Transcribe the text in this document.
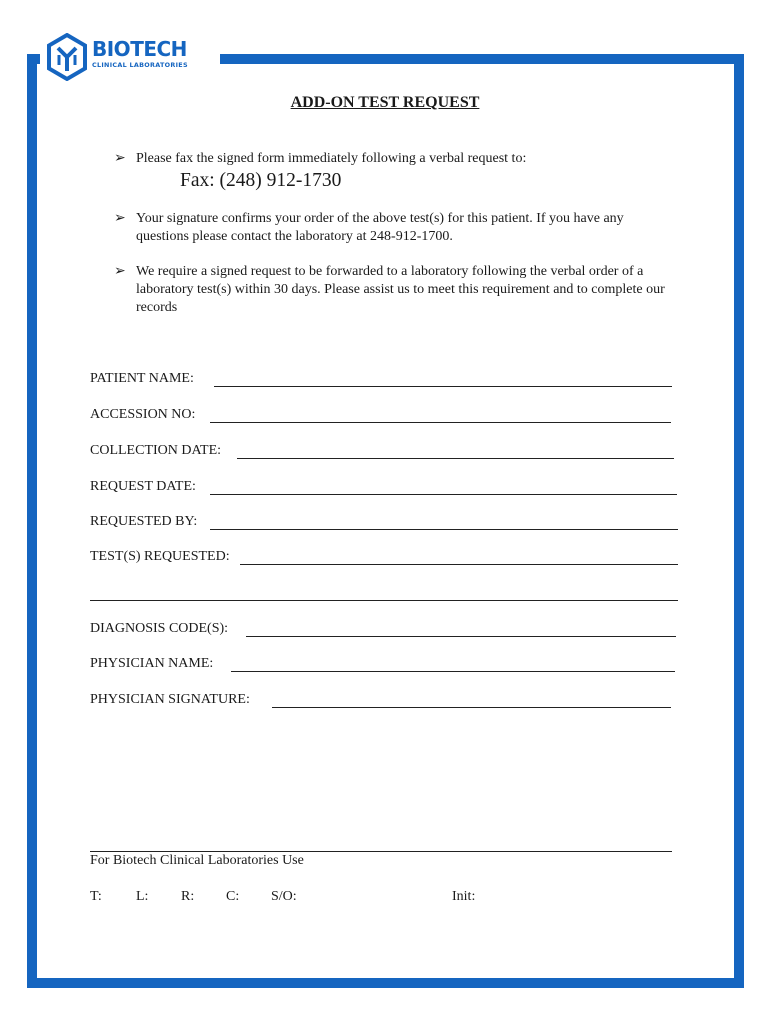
BIOTECH
CLINICAL LABORATORIES
ADD-ON TEST REQUEST
➢ Please fax the signed form immediately following a verbal request to:
Fax: (248) 912-1730
➢ Your signature confirms your order of the above test(s) for this patient. If you have any questions please contact the laboratory at 248-912-1700.
➢ We require a signed request to be forwarded to a laboratory following the verbal order of a laboratory test(s) within 30 days. Please assist us to meet this requirement and to complete our records
PATIENT NAME:
ACCESSION NO:
COLLECTION DATE:
REQUEST DATE:
REQUESTED BY:
TEST(S) REQUESTED:
DIAGNOSIS CODE(S):
PHYSICIAN NAME:
PHYSICIAN SIGNATURE:
For Biotech Clinical Laboratories Use
T: L: R: C: S/O:	Init:
